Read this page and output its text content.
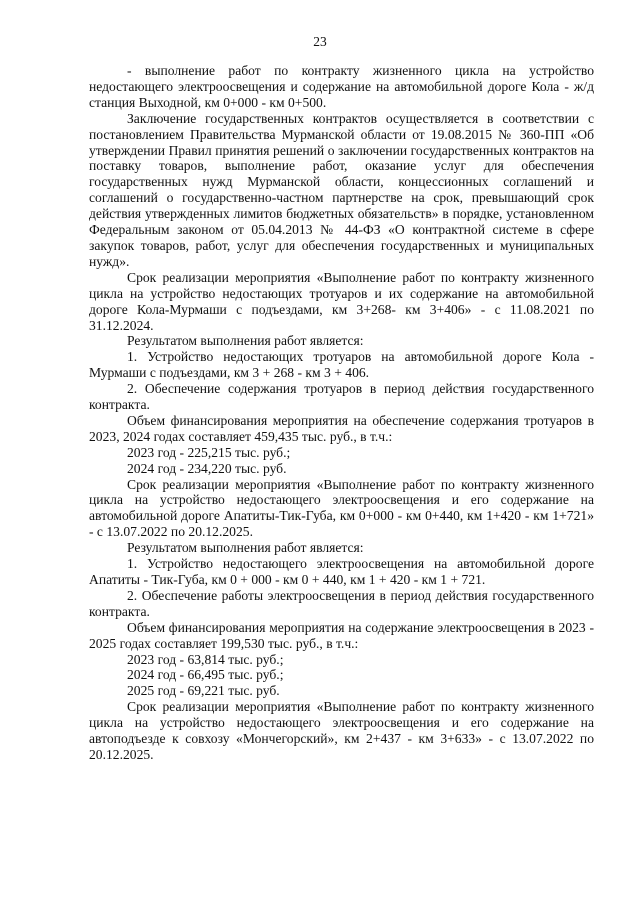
23

- выполнение работ по контракту жизненного цикла на устройство недостающего электроосвещения и содержание на автомобильной дороге Кола - ж/д станция Выходной, км 0+000 - км 0+500.

Заключение государственных контрактов осуществляется в соответствии с постановлением Правительства Мурманской области от 19.08.2015 № 360-ПП «Об утверждении Правил принятия решений о заключении государственных контрактов на поставку товаров, выполнение работ, оказание услуг для обеспечения государственных нужд Мурманской области, концессионных соглашений и соглашений о государственно-частном партнерстве на срок, превышающий срок действия утвержденных лимитов бюджетных обязательств» в порядке, установленном Федеральным законом от 05.04.2013 № 44-ФЗ «О контрактной системе в сфере закупок товаров, работ, услуг для обеспечения государственных и муниципальных нужд».

Срок реализации мероприятия «Выполнение работ по контракту жизненного цикла на устройство недостающих тротуаров и их содержание на автомобильной дороге Кола-Мурмаши с подъездами, км 3+268- км 3+406» - с 11.08.2021 по 31.12.2024.

Результатом выполнения работ является:

1. Устройство недостающих тротуаров на автомобильной дороге Кола - Мурмаши с подъездами, км 3 + 268 - км 3 + 406.

2. Обеспечение содержания тротуаров в период действия государственного контракта.

Объем финансирования мероприятия на обеспечение содержания тротуаров в 2023, 2024 годах составляет 459,435 тыс. руб., в т.ч.:

2023 год - 225,215 тыс. руб.;

2024 год - 234,220 тыс. руб.

Срок реализации мероприятия «Выполнение работ по контракту жизненного цикла на устройство недостающего электроосвещения и его содержание на автомобильной дороге Апатиты-Тик-Губа, км 0+000 - км 0+440, км 1+420 - км 1+721» - с 13.07.2022 по 20.12.2025.

Результатом выполнения работ является:

1. Устройство недостающего электроосвещения на автомобильной дороге Апатиты - Тик-Губа, км 0 + 000 - км 0 + 440, км 1 + 420 - км 1 + 721.

2. Обеспечение работы электроосвещения в период действия государственного контракта.

Объем финансирования мероприятия на содержание электроосвещения в 2023 - 2025 годах составляет 199,530 тыс. руб., в т.ч.:

2023 год - 63,814 тыс. руб.;

2024 год - 66,495 тыс. руб.;

2025 год - 69,221 тыс. руб.

Срок реализации мероприятия «Выполнение работ по контракту жизненного цикла на устройство недостающего электроосвещения и его содержание на автоподъезде к совхозу «Мончегорский», км 2+437 - км 3+633» - с 13.07.2022 по 20.12.2025.
